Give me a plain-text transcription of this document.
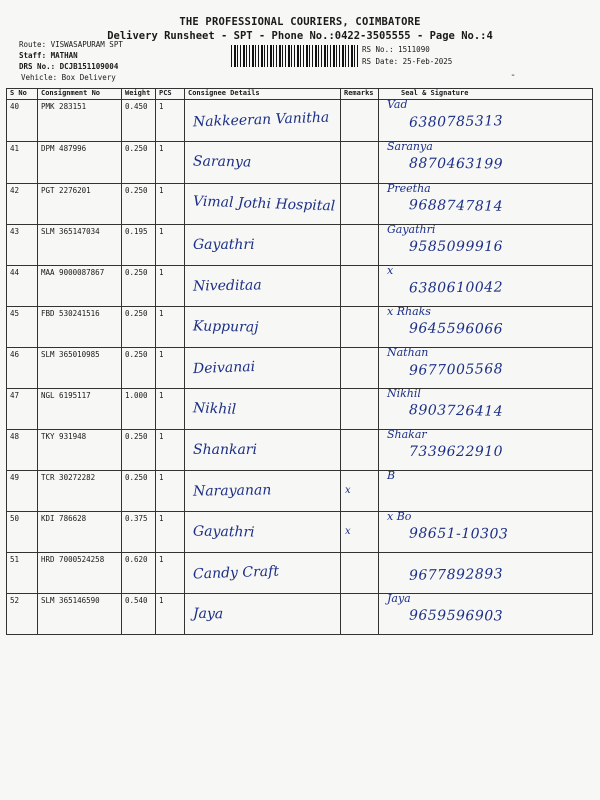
THE PROFESSIONAL COURIERS, COIMBATORE
Delivery Runsheet - SPT - Phone No.:0422-3505555 - Page No.:4
Route: VISWASAPURAM SPT
Staff: MATHAN
DRS No.: DCJB151109004
Vehicle: Box Delivery
RS No.: 1511090
RS Date: 25-Feb-2025
-
S No	Consignment No	Weight	PCS	Consignee Details	Remarks	Seal & Signature
40	PMK 283151	0.450	1	Nakkeeran Vanitha		Vad
6380785313

41	DPM 487996	0.250	1	Saranya		Saranya
8870463199

42	PGT 2276201	0.250	1	Vimal Jothi Hospital		Preetha
9688747814

43	SLM 365147034	0.195	1	Gayathri		Gayathri
9585099916

44	MAA 9000087867	0.250	1	Niveditaa		x
6380610042

45	FBD 530241516	0.250	1	Kuppuraj		x Rhaks
9645596066

46	SLM 365010985	0.250	1	Deivanai		Nathan
9677005568

47	NGL 6195117	1.000	1	Nikhil		Nikhil
8903726414

48	TKY 931948	0.250	1	Shankari		Shakar
7339622910

49	TCR 30272282	0.250	1	Narayanan	x	B

50	KDI 786628	0.375	1	Gayathri	x	x Bo
98651-10303

51	HRD 7000524258	0.620	1	Candy Craft		9677892893

52	SLM 365146590	0.540	1	Jaya		Jaya
9659596903
